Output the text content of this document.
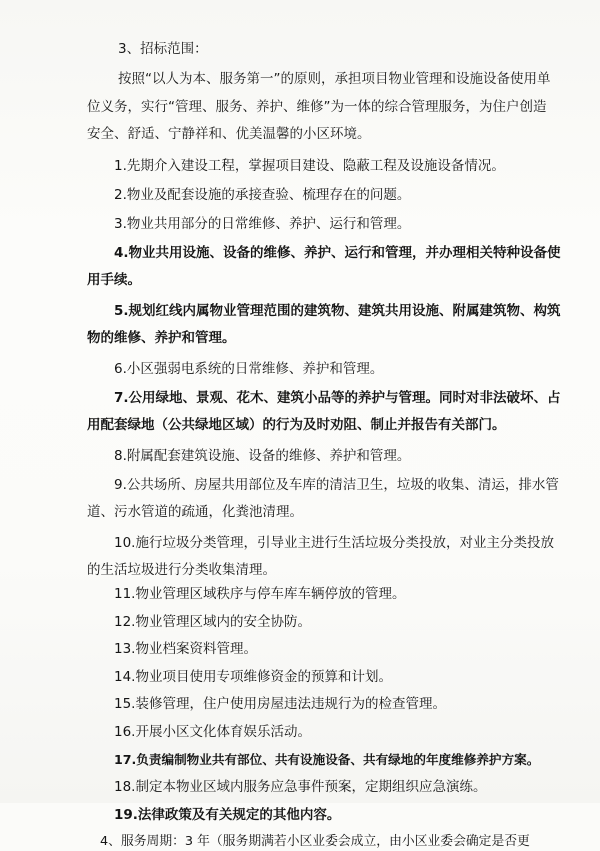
3、招标范围：
按照“以人为本、服务第一”的原则，承担项目物业管理和设施设备使用单
位义务，实行“管理、服务、养护、维修”为一体的综合管理服务，为住户创造
安全、舒适、宁静祥和、优美温馨的小区环境。
1.先期介入建设工程，掌握项目建设、隐蔽工程及设施设备情况。
2.物业及配套设施的承接查验、梳理存在的问题。
3.物业共用部分的日常维修、养护、运行和管理。
4.物业共用设施、设备的维修、养护、运行和管理，并办理相关特种设备使
用手续。
5.规划红线内属物业管理范围的建筑物、建筑共用设施、附属建筑物、构筑
物的维修、养护和管理。
6.小区强弱电系统的日常维修、养护和管理。
7.公用绿地、景观、花木、建筑小品等的养护与管理。同时对非法破坏、占
用配套绿地（公共绿地区域）的行为及时劝阻、制止并报告有关部门。
8.附属配套建筑设施、设备的维修、养护和管理。
9.公共场所、房屋共用部位及车库的清洁卫生，垃圾的收集、清运，排水管
道、污水管道的疏通，化粪池清理。
10.施行垃圾分类管理，引导业主进行生活垃圾分类投放，对业主分类投放
的生活垃圾进行分类收集清理。
11.物业管理区域秩序与停车库车辆停放的管理。
12.物业管理区域内的安全协防。
13.物业档案资料管理。
14.物业项目使用专项维修资金的预算和计划。
15.装修管理，住户使用房屋违法违规行为的检查管理。
16.开展小区文化体育娱乐活动。
17.负责编制物业共有部位、共有设施设备、共有绿地的年度维修养护方案。
18.制定本物业区域内服务应急事件预案，定期组织应急演练。
19.法律政策及有关规定的其他内容。
4、服务周期：3 年（服务期满若小区业委会成立，由小区业委会确定是否更
